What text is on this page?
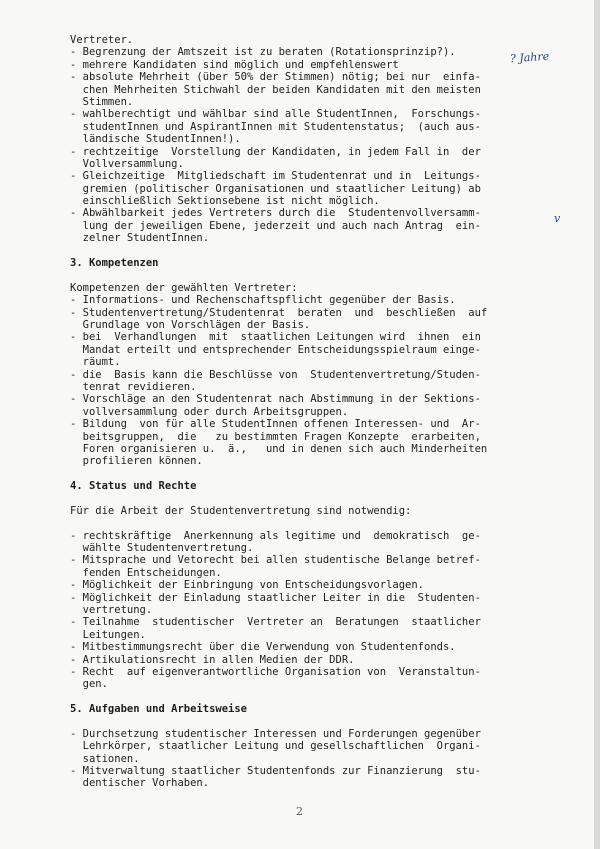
Vertreter.
- Begrenzung der Amtszeit ist zu beraten (Rotationsprinzip?).
- mehrere Kandidaten sind möglich und empfehlenswert
- absolute Mehrheit (über 50% der Stimmen) nötig; bei nur  einfa-
chen Mehrheiten Stichwahl der beiden Kandidaten mit den meisten
Stimmen.
- wahlberechtigt und wählbar sind alle StudentInnen,  Forschungs-
studentInnen und AspirantInnen mit Studentenstatus;  (auch aus-
ländische StudentInnen!).
- rechtzeitige  Vorstellung der Kandidaten, in jedem Fall in  der
Vollversammlung.
- Gleichzeitige  Mitgliedschaft im Studentenrat und in  Leitungs-
gremien (politischer Organisationen und staatlicher Leitung) ab
einschließlich Sektionsebene ist nicht möglich.
- Abwählbarkeit jedes Vertreters durch die  Studentenvollversamm-
lung der jeweiligen Ebene, jederzeit und auch nach Antrag  ein-
zelner StudentInnen.
3. Kompetenzen
Kompetenzen der gewählten Vertreter:
- Informations- und Rechenschaftspflicht gegenüber der Basis.
- Studentenvertretung/Studentenrat  beraten  und  beschließen  auf
Grundlage von Vorschlägen der Basis.
- bei  Verhandlungen  mit  staatlichen Leitungen wird  ihnen  ein
Mandat erteilt und entsprechender Entscheidungsspielraum einge-
räumt.
- die  Basis kann die Beschlüsse von  Studentenvertretung/Studen-
tenrat revidieren.
- Vorschläge an den Studentenrat nach Abstimmung in der Sektions-
vollversammlung oder durch Arbeitsgruppen.
- Bildung  von für alle StudentInnen offenen Interessen- und  Ar-
beitsgruppen,  die   zu bestimmten Fragen Konzepte  erarbeiten,
Foren organisieren u.  ä.,   und in denen sich auch Minderheiten
profilieren können.
4. Status und Rechte
Für die Arbeit der Studentenvertretung sind notwendig:
- rechtskräftige  Anerkennung als legitime und  demokratisch  ge-
wählte Studentenvertretung.
- Mitsprache und Vetorecht bei allen studentische Belange betref-
fenden Entscheidungen.
- Möglichkeit der Einbringung von Entscheidungsvorlagen.
- Möglichkeit der Einladung staatlicher Leiter in die  Studenten-
vertretung.
- Teilnahme  studentischer  Vertreter an  Beratungen  staatlicher
Leitungen.
- Mitbestimmungsrecht über die Verwendung von Studentenfonds.
- Artikulationsrecht in allen Medien der DDR.
- Recht  auf eigenverantwortliche Organisation von  Veranstaltun-
gen.
5. Aufgaben und Arbeitsweise
- Durchsetzung studentischer Interessen und Forderungen gegenüber
Lehrkörper, staatlicher Leitung und gesellschaftlichen  Organi-
sationen.
- Mitverwaltung staatlicher Studentenfonds zur Finanzierung  stu-
dentischer Vorhaben.
? Jahre
v
2
